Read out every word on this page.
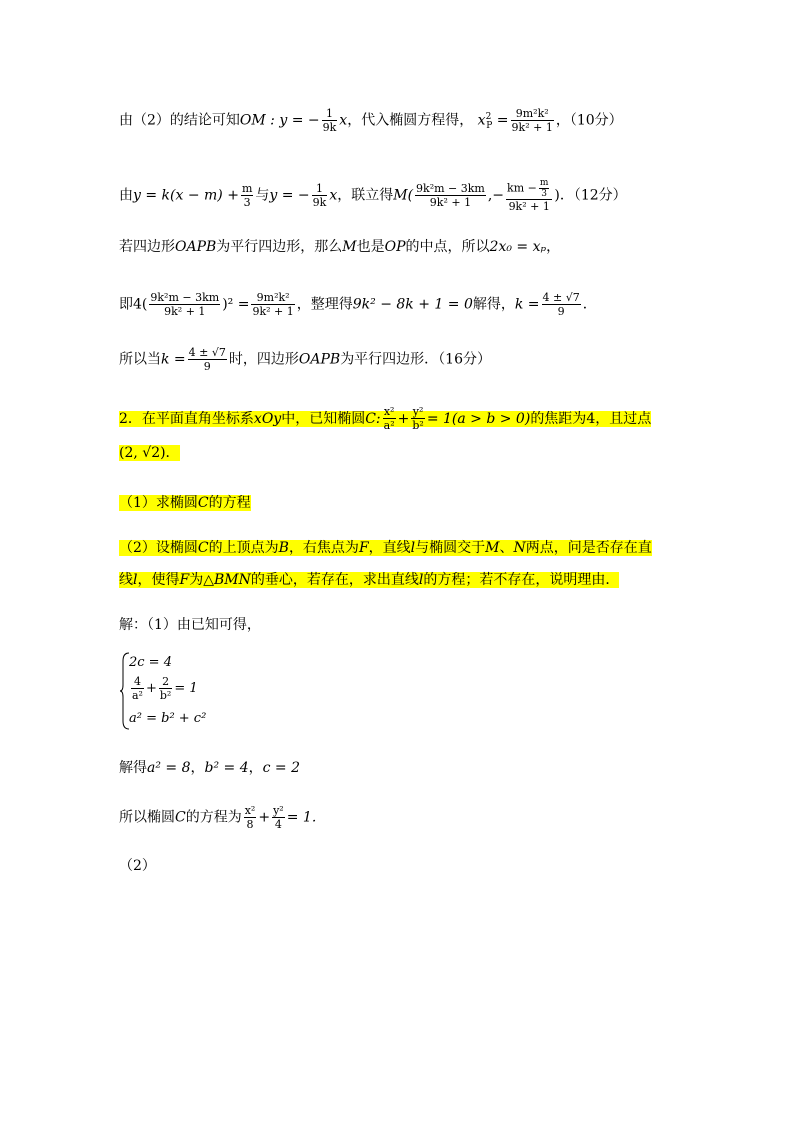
由（2）的结论可知OM : y = − $\frac{1}{9k}$ x，代入椭圆方程得， $x^2_P = \frac{\text{9m²k²}}{\text{9k² + 1}}$ ，（10分）
由$y = k(x - m) + \frac{m}{3}$ 与y = − $\frac{1}{9k}$ x，联立得$M( \frac{\text{9k²m − 3km}}{\text{9k² + 1}}$ ,− $\frac{km - \frac{m}{3}}{\text{9k² + 1}}$ )．（12分）
若四边形OAPB为平行四边形，那么M也是OP的中点，所以2x₀ = xₚ，
即$4( \frac{\text{9k²m − 3km}}{\text{9k² + 1}} )^2 = \frac{\text{9m²k²}}{\text{9k² + 1}}$ ，整理得9k² − 8k + 1 = 0解得，$k = \frac{4 \pm √7}{9}$ ．
所以当$k = \frac{4 \pm √7}{9}$ 时，四边形OAPB为平行四边形．（16分）
2．在平面直角坐标系xOy中，已知椭圆C: $\frac{\text{x²}}{\text{a²}} + \frac{\text{y²}}{\text{b²}} = 1(a > b > 0)$的焦距为4，且过点
(2, √2)．
（1）求椭圆C的方程
（2）设椭圆C的上顶点为B，右焦点为F，直线l与椭圆交于M、N两点，问是否存在直
线l，使得F为△BMN的垂心，若存在，求出直线l的方程；若不存在，说明理由．
解：（1）由已知可得，
2c = 4
$\frac{4}{\text{a²}} + \frac{2}{\text{b²}} = 1$
a² = b² + c²
解得a² = 8，b² = 4，c = 2
所以椭圆C的方程为 $\frac{\text{x²}}{8} + \frac{\text{y²}}{4} = 1$．
（2）
